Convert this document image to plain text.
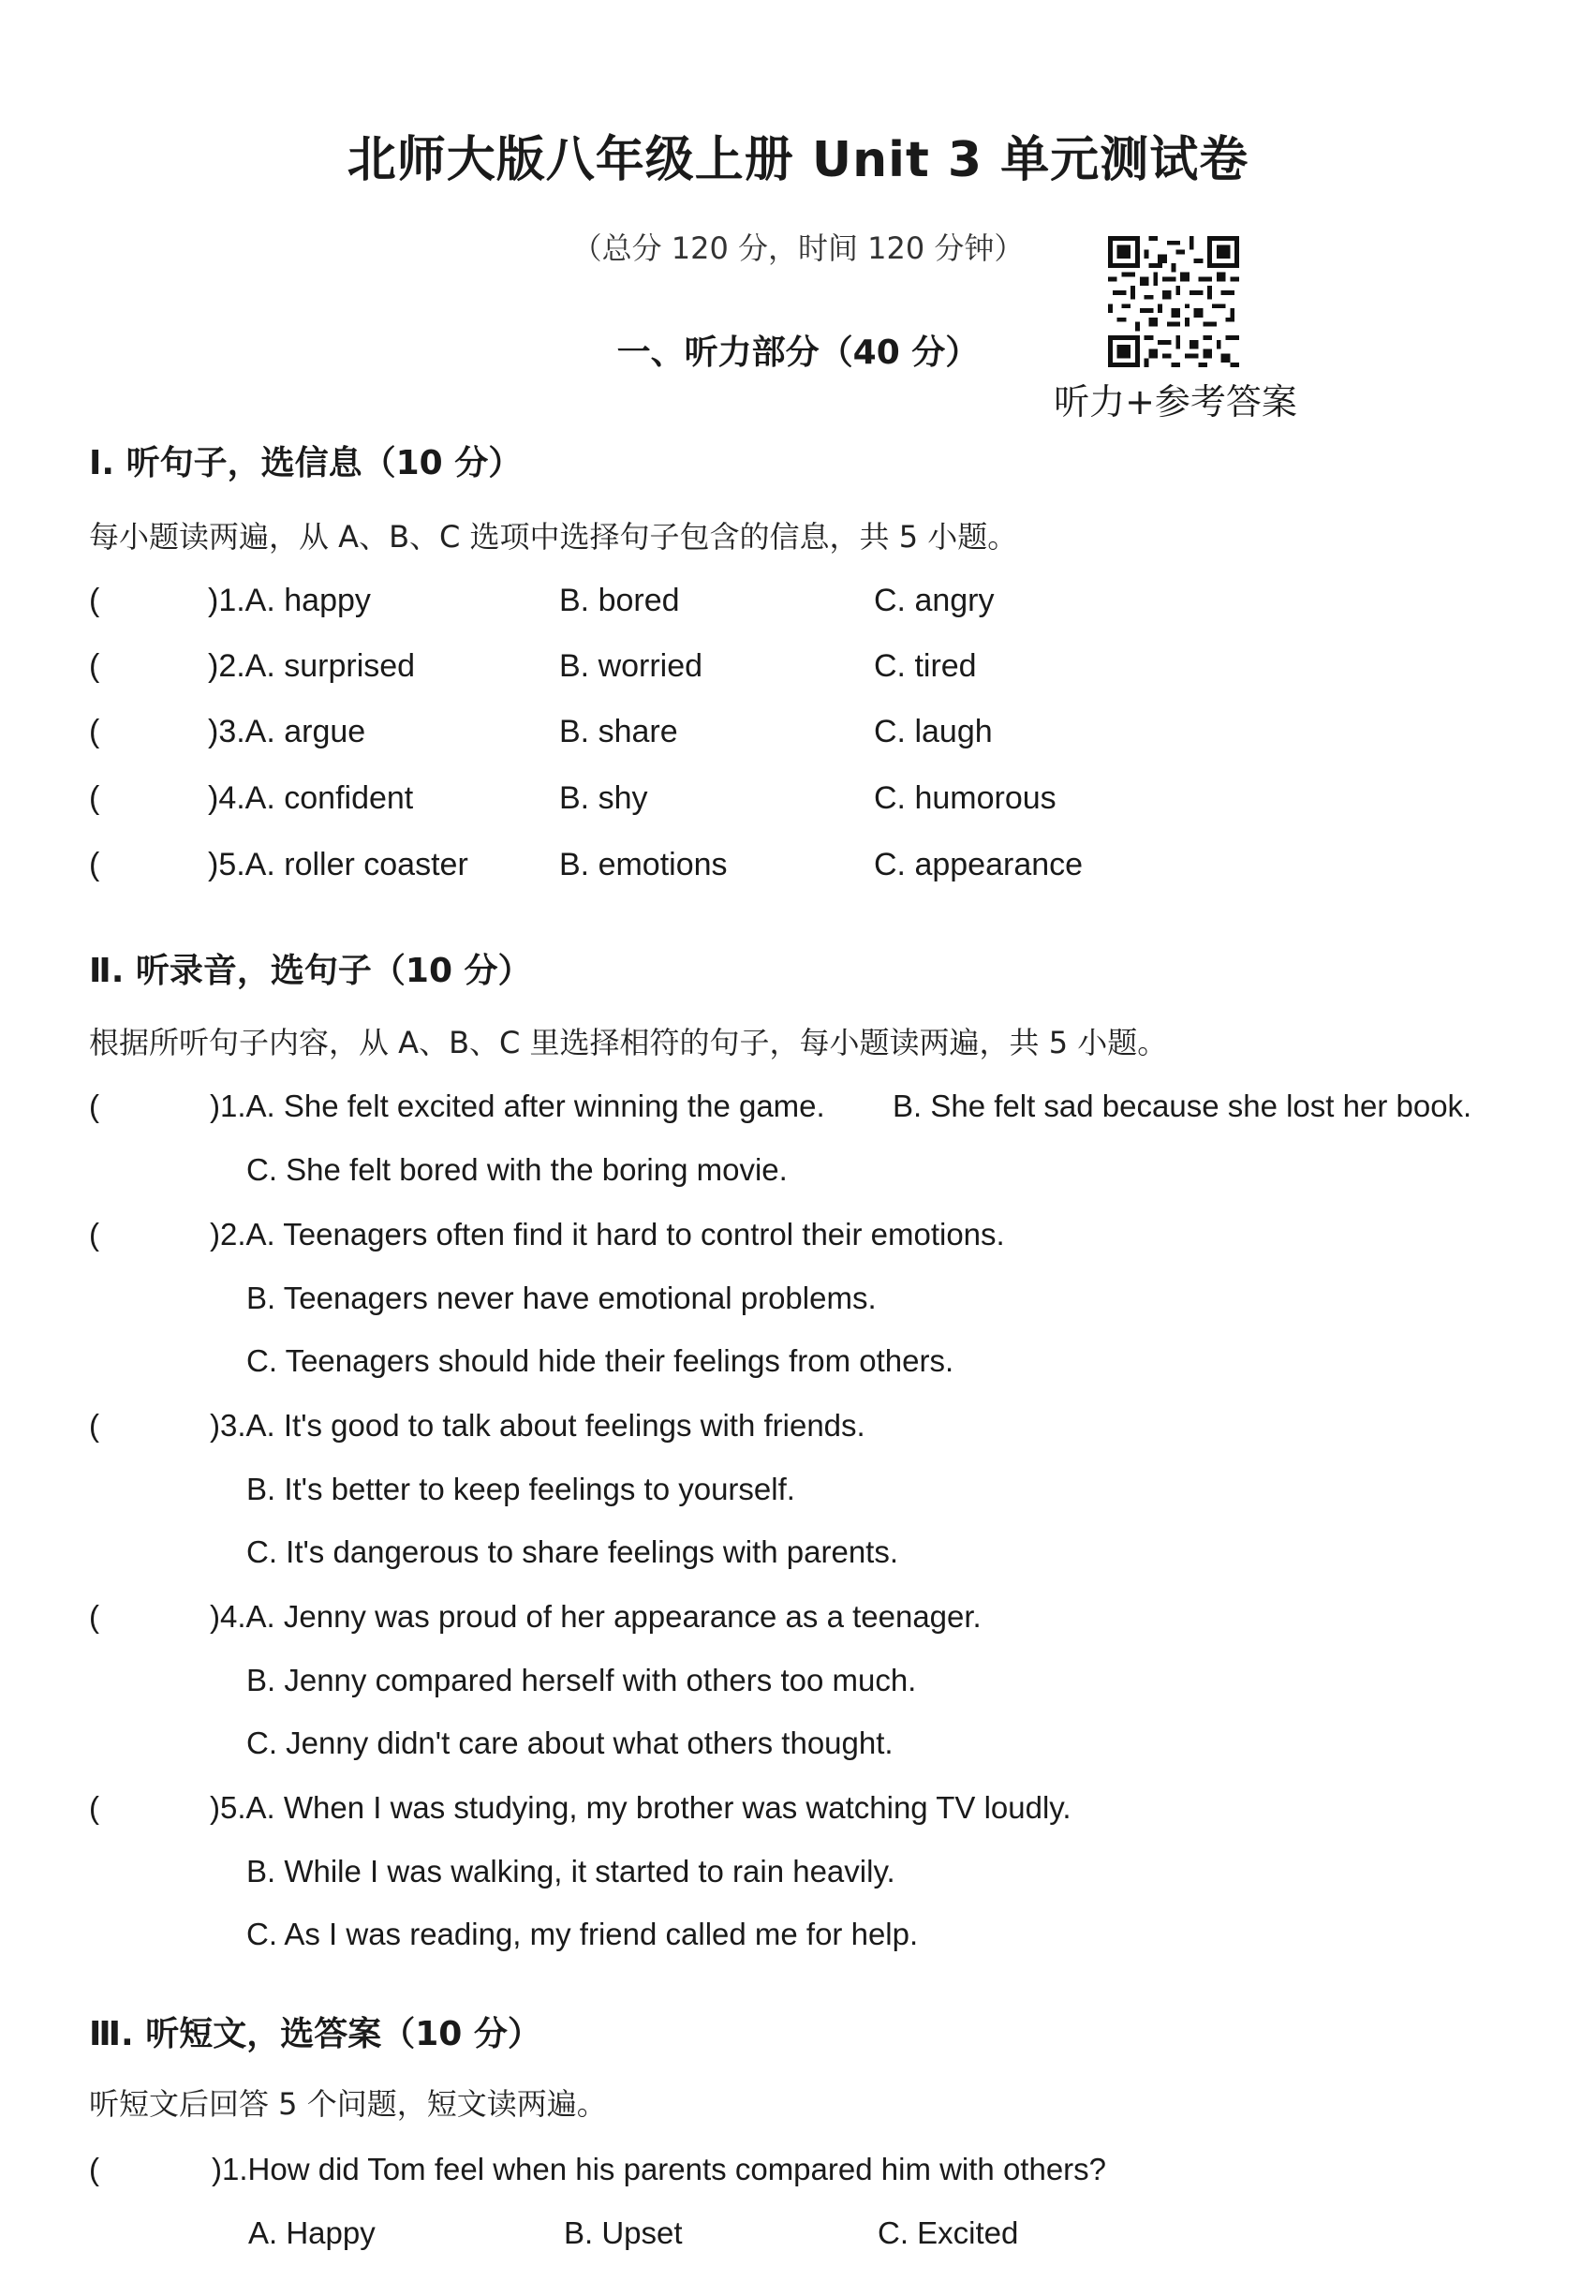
北师大版八年级上册 Unit 3 单元测试卷
（总分 120 分，时间 120 分钟）
一、听力部分（40 分）
听力+参考答案
Ⅰ. 听句子，选信息（10 分）
每小题读两遍，从 A、B、C 选项中选择句子包含的信息，共 5 小题。
(	)1.A. happy	B. bored	C. angry
(	)2.A. surprised	B. worried	C. tired
(	)3.A. argue	B. share	C. laugh
(	)4.A. confident	B. shy	C. humorous
(	)5.A. roller coaster	B. emotions	C. appearance
Ⅱ. 听录音，选句子（10 分）
根据所听句子内容，从 A、B、C 里选择相符的句子，每小题读两遍，共 5 小题。
(	)1.A. She felt excited after winning the game. B. She felt sad because she lost her book.
C. She felt bored with the boring movie.
(	)2.A. Teenagers often find it hard to control their emotions.
B. Teenagers never have emotional problems.
C. Teenagers should hide their feelings from others.
(	)3.A. It's good to talk about feelings with friends.
B. It's better to keep feelings to yourself.
C. It's dangerous to share feelings with parents.
(	)4.A. Jenny was proud of her appearance as a teenager.
B. Jenny compared herself with others too much.
C. Jenny didn't care about what others thought.
(	)5.A. When I was studying, my brother was watching TV loudly.
B. While I was walking, it started to rain heavily.
C. As I was reading, my friend called me for help.
Ⅲ. 听短文，选答案（10 分）
听短文后回答 5 个问题，短文读两遍。
(	)1.How did Tom feel when his parents compared him with others?
A. Happy	B. Upset	C. Excited
